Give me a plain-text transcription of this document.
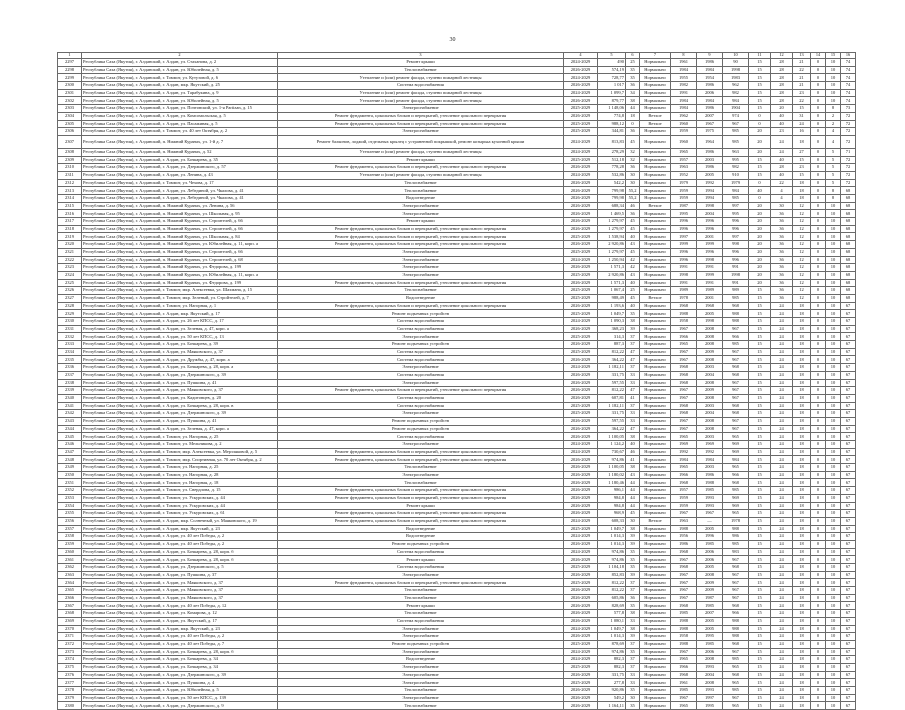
30
1	2	3	4	5	6	7	8	9	10	11	12	13	14	15	16
2297	Республика Саха (Якутия), г. Алданский, г. Алдан, ул. Стаханова, д. 2	Ремонт крыши	2024-2029	490	25	Нормально	1961	1986	90	15	28	21	0	10	74
2298	Республика Саха (Якутия), г. Алданский, г. Алдан, ул. Юбилейная, д. 5	Теплоснабжение	2026-2029	574,19	35	Нормально	1984	1984	1998	15	28	22	0	10	74
2299	Республика Саха (Якутия), г. Алданский, г. Томмот, ул. Кутузовой, д. 6	Утепление и (или) ремонт фасада, ступени пожарной лестницы	2024-2029	728,77	35	Нормально	1955	1954	1983	15	28	21	0	10	74
2300	Республика Саха (Якутия), г. Алданский, г. Алдан, мкр. Якутский, д. 25	Система водоснабжения	2026-2029	1 017	36	Нормально	1982	1986	962	15	28	21	0	10	74
2301	Республика Саха (Якутия), г. Алданский, г. Алдан, ул. Тарабукина, д. 9	Утепление и (или) ремонт фасада, ступени пожарной лестницы	2024-2029	1 099,7	34	Нормально	1991	2006	982	15	28	23	0	10	74
2302	Республика Саха (Якутия), г. Алданский, г. Алдан, ул. Юбилейная, д. 5	Утепление и (или) ремонт фасада, ступени пожарной лестницы	2026-2029	879,77	38	Нормально	1984	1984	984	15	28	22	0	10	74
2303	Республика Саха (Якутия), г. Алданский, г. Алдан, ул. Почтовский, ул. 1-я Partizan, д. 15	Электроснабжение	2025-2029	1 148,06	44	Нормально	1984	1986	1904	15	20	15	0	8	73
2304	Республика Саха (Якутия), г. Алданский, г. Алдан, ул. Комсомольская, д. 5	Ремонт фундамента, цокольных блоков и перекрытий, утепление цокольного перекрытия	2026-2029	774,8	18	Ветхое	1962	2007	974	0	40	31	0	2	72
2305	Республика Саха (Якутия), г. Алданский, г. Алдан, ул. Пасажиная, д. 5	Ремонт фундамента, цокольных блоков и перекрытий, утепление цокольного перекрытия	2025-2029	988,12	0	Ветхое	1960	1967	967	0	40	24	0	2	72
2306	Республика Саха (Якутия), г. Алданский, г. Томмот, ул. 40 лет Октября, д. 2	Электроснабжение	2025-2029	344,81	36	Нормально	1959	1975	985	20	23	16	0	4	72
2307	Республика Саха (Якутия), г. Алданский, п. Нижний Куранах, ул. 1-й д. 7	Ремонт балконов, лоджий, отдельных крылец с устраненной покрышкой, ремонт козырька кухонной крыши	2024-2029	813,83	45	Нормально	1960	1964	985	20	24	18	0	4	72
2308	Республика Саха (Якутия), г. Алданский, п. Нижний Куранах, д. 52	Утепление и (или) ремонт фасада, ступени пожарной лестницы	2024-2029	278,29	32	Нормально	1965	1986	963	20	24	27	0	5	71
2309	Республика Саха (Якутия), г. Алданский, г. Алдан, ул. Бочкарева, д. 35	Ремонт крыши	2025-2029	512,18	32	Нормально	1957	2003	995	15	40	15	0	5	72
2310	Республика Саха (Якутия), г. Алданский, г. Алдан, ул. Дзержинского, д. 57	Ремонт фундамента, цокольных блоков и перекрытий, утепление цокольного перекрытия	2026-2029	778,28	36	Нормально	1963	1986	982	15	28	23	0	5	72
2311	Республика Саха (Якутия), г. Алданский, г. Алдан, ул. Ленина, д. 43	Утепление и (или) ремонт фасада, ступени пожарной лестницы	2024-2029	532,86	30	Нормально	1952	2005	910	15	40	15	0	5	72
2312	Республика Саха (Якутия), г. Алданский, г. Томмот, ул. Чехова, д. 17	Теплоснабжение	2026-2029	542,2	30	Нормально	1979	1992	1979	0	22	18	0	5	72
2313	Республика Саха (Якутия), г. Алданский, г. Алдан, ул. Лебединой, ул. Чкалова, д. 41	Теплоснабжение	2026-2029	799,98	55,2	Нормально	1959	1994	984	40	4	18	0	8	68
2314	Республика Саха (Якутия), г. Алданский, г. Алдан, ул. Лебединой, ул. Чкалова, д. 41	Водоотведение	2026-2029	799,98	55,2	Нормально	1959	1994	985	0	4	18	0	8	68
2315	Республика Саха (Якутия), г. Алданский, п. Нижний Куранах, ул. Ленина, д. 56	Электроснабжение	2026-2029	688,34	46	Ветхое	1987	1998	997	20	30	12	0	10	68
2316	Республика Саха (Якутия), г. Алданский, п. Нижний Куранах, ул. Школьная, д. 95	Электроснабжение	2026-2029	1 469,5	36	Нормально	1995	2004	995	20	36	12	0	10	68
2317	Республика Саха (Якутия), г. Алданский, п. Нижний Куранах, ул. Строителей, д. 66	Ремонт крыши	2026-2029	1 279,97	45	Нормально	1996	1996	996	20	36	12	0	10	68
2318	Республика Саха (Якутия), г. Алданский, п. Нижний Куранах, ул. Строителей, д. 66	Ремонт фундамента, цокольных блоков и перекрытий, утепление цокольного перекрытия	2026-2029	1 279,97	45	Нормально	1996	1996	996	20	36	12	0	10	68
2319	Республика Саха (Якутия), г. Алданский, п. Нижний Куранах, ул. Школьная, д. 84	Ремонт фундамента, цокольных блоков и перекрытий, утепление цокольного перекрытия	2025-2029	1 538,94	40	Нормально	1997	2001	997	20	36	12	0	10	68
2320	Республика Саха (Якутия), г. Алданский, п. Нижний Куранах, ул. Юбилейная, д. 11, корп. а	Ремонт фундамента, цокольных блоков и перекрытий, утепление цокольного перекрытия	2026-2029	2 920,86	43	Нормально	1999	1999	998	20	36	12	0	10	68
2321	Республика Саха (Якутия), г. Алданский, п. Нижний Куранах, ул. Строителей, д. 66	Электроснабжение	2025-2029	1 279,97	45	Нормально	1996	1996	996	20	36	12	0	10	68
2322	Республика Саха (Якутия), г. Алданский, п. Нижний Куранах, ул. Строителей, д. 68	Электроснабжение	2024-2029	1 250,94	42	Нормально	1996	1998	996	20	36	12	0	10	68
2323	Республика Саха (Якутия), г. Алданский, п. Нижний Куранах, ул. Федорова, д. 199	Электроснабжение	2026-2029	1 571,3	42	Нормально	1991	1991	991	20	36	12	0	10	68
2324	Республика Саха (Якутия), г. Алданский, п. Нижний Куранах, ул. Юбилейная, д. 11, корп. а	Электроснабжение	2025-2029	2 920,86	43	Нормально	1998	1999	1998	20	36	12	0	10	68
2325	Республика Саха (Якутия), г. Алданский, п. Нижний Куранах, ул. Федорова, д. 199	Ремонт фундамента, цокольных блоков и перекрытий, утепление цокольного перекрытия	2026-2029	1 571,3	40	Нормально	1991	1991	991	20	36	12	0	10	68
2326	Республика Саха (Якутия), г. Алданский, г. Томмот, мкр. Алексеевка, ул. Шахмана, д. 15	Теплоснабжение	2025-2029	1 067,4	25	Нормально	1989	1989	989	15	36	12	0	10	68
2327	Республика Саха (Якутия), г. Алданский, г. Томмот, мкр. Зеленый, ул. Стройтелей, д. 7	Водоотведение	2025-2029	988,49	45	Ветхое	1978	2001	985	15	36	12	0	10	68
2328	Республика Саха (Якутия), г. Алданский, г. Томмот, ул. Нагорная, д. 1	Ремонт фундамента, цокольных блоков и перекрытий, утепление цокольного перекрытия	2026-2029	1 193,6	40	Нормально	1968	1968	968	15	24	18	0	10	67
2329	Республика Саха (Якутия), г. Алданский, г. Алдан, мкр. Якутский, д. 17	Ремонт подъемных устройств	2025-2029	1 049,7	35	Нормально	1988	2005	988	15	24	18	0	10	67
2330	Республика Саха (Якутия), г. Алданский, г. Алдан, ул. 26 лет КПСС, д. 17	Система водоснабжения	2024-2029	1 090,3	38	Нормально	1958	1998	988	15	24	18	0	10	67
2331	Республика Саха (Якутия), г. Алданский, г. Алдан, ул. Зеленая, д. 47, корп. а	Система водоснабжения	2026-2029	368,23	39	Нормально	1967	2008	967	15	24	18	0	10	67
2332	Республика Саха (Якутия), г. Алданский, г. Алдан, ул. 50 лет КПСС, д. 13	Электроснабжение	2025-2029	314,3	37	Нормально	1966	2008	966	15	24	18	0	10	67
2333	Республика Саха (Якутия), г. Алданский, г. Алдан, ул. Бочкарева, д. 39	Ремонт подъемных устройств	2026-2029	887,3	37	Нормально	1965	2008	985	15	24	18	0	10	67
2334	Республика Саха (Якутия), г. Алданский, г. Алдан, ул. Маяковского, д. 37	Система водоснабжения	2025-2029	812,22	47	Нормально	1967	2009	967	15	24	18	0	10	67
2335	Республика Саха (Якутия), г. Алданский, г. Алдан, ул. Дружбы, д. 47, корп. а	Система водоснабжения	2026-2029	364,22	47	Нормально	1967	2008	967	15	24	18	0	10	67
2336	Республика Саха (Якутия), г. Алданский, г. Алдан, ул. Бочкарева, д. 28, корп. а	Электроснабжение	2024-2029	1 182,11	37	Нормально	1968	2003	968	15	24	18	0	10	67
2337	Республика Саха (Якутия), г. Алданский, г. Алдан, ул. Дзержинского, д. 39	Система водоснабжения	2026-2029	331,75	33	Нормально	1968	2004	968	15	24	18	0	10	67
2338	Республика Саха (Якутия), г. Алданский, г. Алдан, ул. Пушкина, д. 41	Электроснабжение	2026-2029	597,55	33	Нормально	1968	2008	967	15	24	18	0	10	67
2339	Республика Саха (Якутия), г. Алданский, г. Алдан, ул. Маяковского, д. 37	Ремонт фундамента, цокольных блоков и перекрытий, утепление цокольного перекрытия	2026-2029	812,22	47	Нормально	1967	2009	967	15	24	18	0	10	67
2340	Республика Саха (Якутия), г. Алданский, г. Алдан, ул. Кадитовцев, д. 20	Система водоснабжения	2026-2029	607,81	41	Нормально	1967	2008	967	15	24	18	0	10	67
2341	Республика Саха (Якутия), г. Алданский, г. Алдан, ул. Бочкарева, д. 28, корп. в	Система водоснабжения	2025-2029	1 182,11	37	Нормально	1968	2003	968	15	24	18	0	10	67
2342	Республика Саха (Якутия), г. Алданский, г. Алдан, ул. Дзержинского, д. 39	Электроснабжение	2025-2029	331,75	33	Нормально	1968	2004	968	15	24	18	0	10	67
2343	Республика Саха (Якутия), г. Алданский, г. Алдан, ул. Пушкина, д. 41	Ремонт подъемных устройств	2026-2029	597,55	33	Нормально	1967	2008	967	15	24	18	0	10	67
2344	Республика Саха (Якутия), г. Алданский, г. Алдан, ул. Зеленая, д. 47, корп. а	Ремонт подъемных устройств	2026-2029	364,22	47	Нормально	1967	2008	967	15	24	18	0	10	67
2345	Республика Саха (Якутия), г. Алданский, г. Томмот, ул. Нагорная, д. 25	Система водоснабжения	2026-2029	1 100,05	38	Нормально	1965	2003	965	15	24	18	0	10	67
2346	Республика Саха (Якутия), г. Алданский, г. Томмот, ул. Мельникова, д. 2	Электроснабжение	2024-2029	1 124,2	40	Нормально	1969	1969	969	15	24	18	0	10	67
2347	Республика Саха (Якутия), г. Алданский, г. Томмот, мкр. Алексеевка, ул. Мерзляковой, д. 5	Ремонт фундамента, цокольных блоков и перекрытий, утепление цокольного перекрытия	2024-2029	730,67	46	Нормально	1992	1992	969	15	24	18	0	10	67
2348	Республика Саха (Якутия), г. Алданский, г. Томмот, мкр. Спортивная, ул. 70 лет Октября, д. 2	Ремонт фундамента, цокольных блоков и перекрытий, утепление цокольного перекрытия	2026-2029	974,86	41	Нормально	1984	1984	984	15	24	18	0	10	67
2349	Республика Саха (Якутия), г. Алданский, г. Томмот, ул. Нагорная, д. 25	Теплоснабжение	2026-2029	1 100,05	38	Нормально	1965	2003	965	15	24	18	0	10	67
2350	Республика Саха (Якутия), г. Алданский, г. Томмот, ул. Нагорная, д. 28	Электроснабжение	2026-2029	1 180,02	43	Нормально	1966	1986	966	15	24	18	0	10	67
2351	Республика Саха (Якутия), г. Алданский, г. Томмот, ул. Нагорная, д. 18	Теплоснабжение	2026-2029	1 180,46	44	Нормально	1968	1988	968	15	24	18	0	10	67
2352	Республика Саха (Якутия), г. Алданский, г. Томмот, ул. Свердлова, д. 15	Ремонт фундамента, цокольных блоков и перекрытий, утепление цокольного перекрытия	2026-2029	986,1	44	Нормально	1957	1985	985	15	24	18	0	10	67
2353	Республика Саха (Якутия), г. Алданский, г. Томмот, ул. Ускуровских, д. 44	Ремонт фундамента, цокольных блоков и перекрытий, утепление цокольного перекрытия	2026-2029	984,8	44	Нормально	1959	1993	969	15	24	18	0	10	67
2354	Республика Саха (Якутия), г. Алданский, г. Томмот, ул. Ускуровских, д. 44	Ремонт крыши	2026-2029	984,8	44	Нормально	1959	1993	969	15	24	18	0	10	67
2355	Республика Саха (Якутия), г. Алданский, г. Томмот, ул. Ускуровских, д. 61	Ремонт фундамента, цокольных блоков и перекрытий, утепление цокольного перекрытия	2026-2029	968,9	45	Нормально	1967	1967	965	15	24	18	0	10	67
2356	Республика Саха (Якутия), г. Алданский, г. Алдан, мкр. Солнечный, ул. Маяковского, д. 19	Ремонт фундамента, цокольных блоков и перекрытий, утепление цокольного перекрытия	2024-2029	608,33	30	Ветхое	1963	—	1978	15	24	18	0	10	67
2357	Республика Саха (Якутия), г. Алданский, г. Алдан, мкр. Якутский, д. 23	Водоотведение	2025-2029	1 049,7	38	Нормально	1988	2005	988	15	24	18	0	10	67
2358	Республика Саха (Якутия), г. Алданский, г. Алдан, ул. 40 лет Победы, д. 2	Водоотведение	2024-2029	1 014,3	39	Нормально	1956	1996	986	15	24	18	0	10	67
2359	Республика Саха (Якутия), г. Алданский, г. Алдан, ул. 40 лет Победы, д. 2	Ремонт подъемных устройств	2026-2029	1 014,3	39	Нормально	1986	1985	985	15	24	18	0	10	67
2360	Республика Саха (Якутия), г. Алданский, г. Алдан, ул. Бочкарева, д. 28, корп. б	Система водоснабжения	2024-2029	974,86	35	Нормально	1968	2006	983	15	24	18	0	10	67
2361	Республика Саха (Якутия), г. Алданский, г. Алдан, ул. Бочкарева, д. 28, корп. б	Ремонт крыши	2026-2029	974,86	35	Нормально	1967	2006	967	15	24	18	0	10	67
2362	Республика Саха (Якутия), г. Алданский, г. Алдан, ул. Дзержинского, д. 5	Система водоснабжения	2025-2029	1 104,18	35	Нормально	1968	2005	968	15	24	18	0	10	67
2363	Республика Саха (Якутия), г. Алданский, г. Алдан, ул. Пушкина, д. 37	Электроснабжение	2026-2029	852,83	39	Нормально	1967	2008	967	15	24	18	0	10	67
2364	Республика Саха (Якутия), г. Алданский, г. Алдан, ул. Маяковского, д. 37	Ремонт фундамента, цокольных блоков и перекрытий, утепление цокольного перекрытия	2025-2029	812,22	37	Нормально	1967	2009	967	15	24	18	0	10	67
2365	Республика Саха (Якутия), г. Алданский, г. Алдан, ул. Маяковского, д. 37	Теплоснабжение	2026-2029	812,22	37	Нормально	1967	2009	967	15	24	18	0	10	67
2366	Республика Саха (Якутия), г. Алданский, г. Алдан, ул. Маяковского, д. 37	Теплоснабжение	2026-2029	605,86	36	Нормально	1967	1987	967	15	24	18	0	10	67
2367	Республика Саха (Якутия), г. Алданский, г. Алдан, ул. 40 лет Победы, д. 12	Ремонт крыши	2026-2029	828,69	35	Нормально	1968	1985	968	15	24	18	0	10	67
2368	Республика Саха (Якутия), г. Алданский, г. Алдан, ул. Комарова, д. 12	Теплоснабжение	2026-2029	577,8	38	Нормально	1985	2007	966	15	24	18	0	10	67
2369	Республика Саха (Якутия), г. Алданский, г. Алдан, ул. Якутский, д. 17	Система водоснабжения	2026-2029	1 080,1	33	Нормально	1988	2005	988	15	24	18	0	10	67
2370	Республика Саха (Якутия), г. Алданский, г. Алдан, мкр. Якутский, д. 23	Электроснабжение	2024-2029	1 049,7	38	Нормально	1988	2005	988	15	24	18	0	10	67
2371	Республика Саха (Якутия), г. Алданский, г. Алдан, ул. 40 лет Победы, д. 2	Электроснабжение	2026-2029	1 014,3	39	Нормально	1958	1995	988	15	24	18	0	10	67
2372	Республика Саха (Якутия), г. Алданский, г. Алдан, ул. 40 лет Победы, д. 7	Ремонт подъемных устройств	2025-2029	878,69	37	Нормально	1988	1985	968	15	24	18	0	10	67
2373	Республика Саха (Якутия), г. Алданский, г. Алдан, ул. Бочкарева, д. 28, корп. б	Электроснабжение	2024-2029	974,86	35	Нормально	1967	2006	967	15	24	18	0	10	67
2374	Республика Саха (Якутия), г. Алданский, г. Алдан, ул. Бочкарева, д. 34	Водоотведение	2024-2029	882,3	37	Нормально	1965	2008	985	15	24	18	0	10	67
2375	Республика Саха (Якутия), г. Алданский, г. Алдан, ул. Бочкарева, д. 34	Электроснабжение	2025-2029	882,3	37	Нормально	1966	1993	965	15	24	18	0	10	67
2376	Республика Саха (Якутия), г. Алданский, г. Алдан, ул. Дзержинского, д. 39	Электроснабжение	2026-2029	331,75	33	Нормально	1968	2004	968	15	24	18	0	10	67
2377	Республика Саха (Якутия), г. Алданский, г. Алдан, ул. Пушкина, д. 4	Электроснабжение	2025-2029	277,8	33	Нормально	1961	2008	965	15	24	18	0	10	67
2378	Республика Саха (Якутия), г. Алданский, г. Алдан, ул. Юбилейная, д. 5	Теплоснабжение	2026-2029	920,86	35	Нормально	1985	1993	985	15	24	18	0	10	67
2379	Республика Саха (Якутия), г. Алданский, г. Алдан, ул. 50 лет КПСС, д. 139	Электроснабжение	2026-2029	549,2	30	Нормально	1967	1997	967	15	24	18	0	10	67
2380	Республика Саха (Якутия), г. Алданский, г. Алдан, ул. Дзержинского, д. 9	Теплоснабжение	2026-2029	1 164,11	35	Нормально	1965	1995	965	15	24	18	0	10	67
